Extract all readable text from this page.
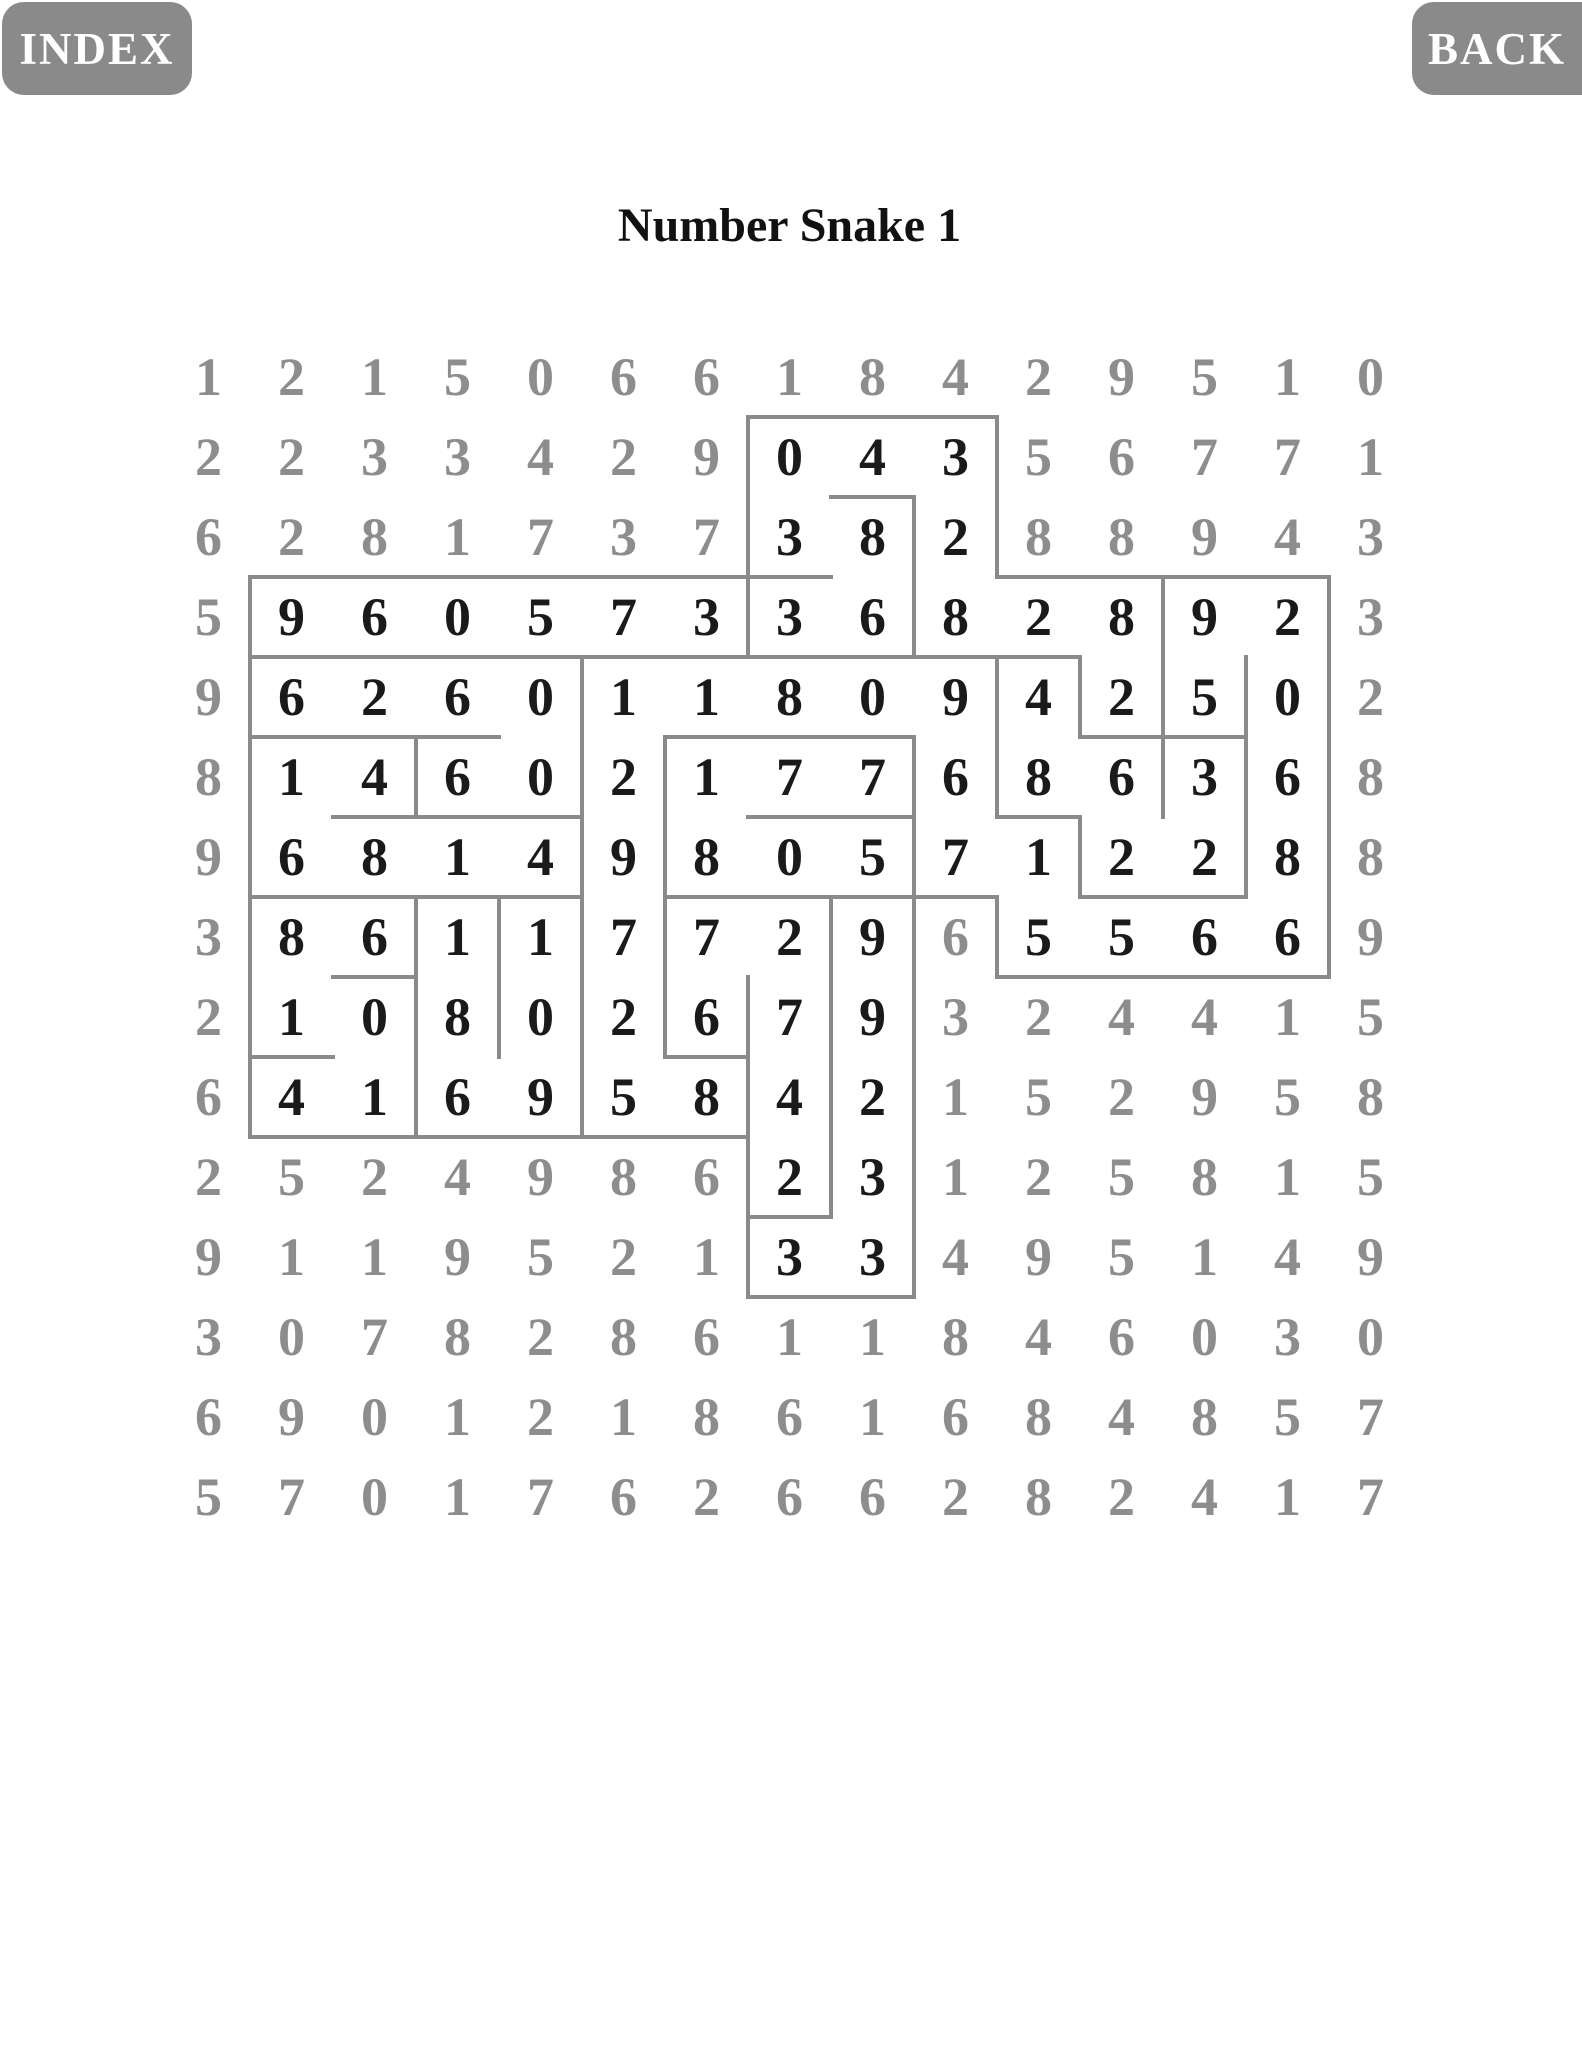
INDEX	BACK
Number Snake 1
1 2 1 5 0 6 6 1 8 4 2 9 5 1 0
2 2 3 3 4 2 9 0 4 3 5 6 7 7 1
6 2 8 1 7 3 7 3 8 2 8 8 9 4 3
5 9 6 0 5 7 3 3 6 8 2 8 9 2 3
9 6 2 6 0 1 1 8 0 9 4 2 5 0 2
8 1 4 6 0 2 1 7 7 6 8 6 3 6 8
9 6 8 1 4 9 8 0 5 7 1 2 2 8 8
3 8 6 1 1 7 7 2 9 6 5 5 6 6 9
2 1 0 8 0 2 6 7 9 3 2 4 4 1 5
6 4 1 6 9 5 8 4 2 1 5 2 9 5 8
2 5 2 4 9 8 6 2 3 1 2 5 8 1 5
9 1 1 9 5 2 1 3 3 4 9 5 1 4 9
3 0 7 8 2 8 6 1 1 8 4 6 0 3 0
6 9 0 1 2 1 8 6 1 6 8 4 8 5 7
5 7 0 1 7 6 2 6 6 2 8 2 4 1 7
